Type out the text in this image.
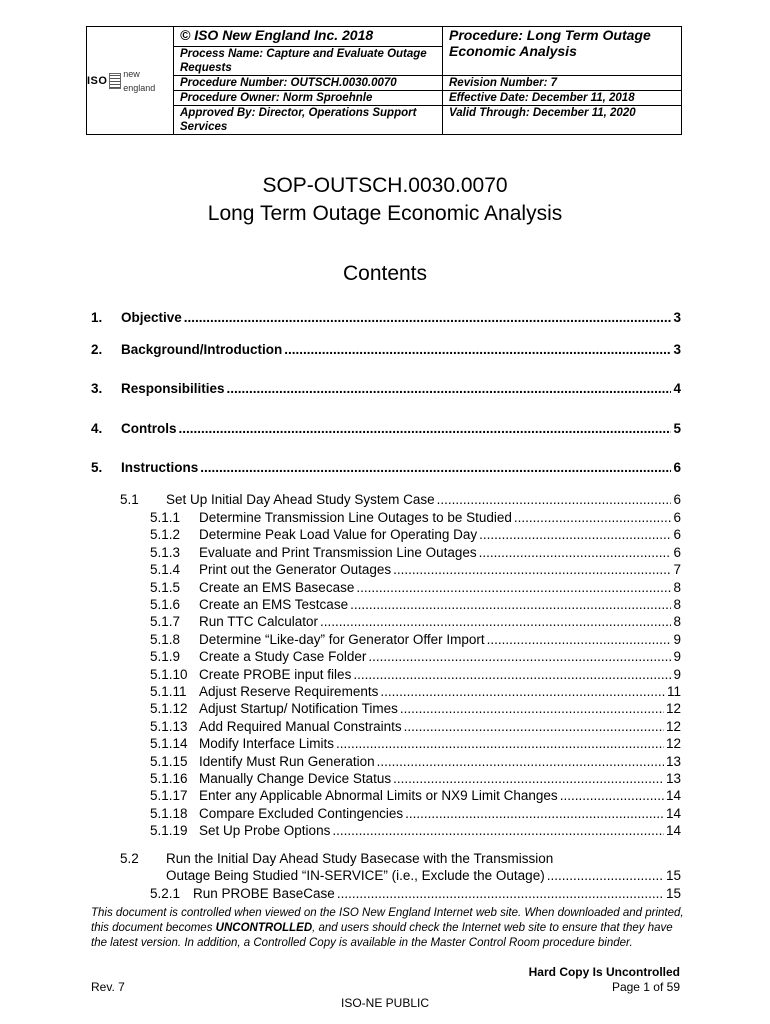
ISO
new england	© ISO New England Inc. 2018	Procedure: Long Term Outage Economic Analysis
	Process Name: Capture and Evaluate Outage Requests	
	Procedure Number: OUTSCH.0030.0070	Revision Number: 7
	Procedure Owner: Norm Sproehnle	Effective Date: December 11, 2018
	Approved By: Director, Operations Support Services	Valid Through: December 11, 2020
SOP-OUTSCH.0030.0070
Long Term Outage Economic Analysis
Contents
1.	Objective .....	3
2.	Background/Introduction .....	3
3.	Responsibilities .....	4
4.	Controls .....	5
5.	Instructions .....	6
5.1	Set Up Initial Day Ahead Study System Case .....	6
5.1.1	Determine Transmission Line Outages to be Studied .....	6
5.1.2	Determine Peak Load Value for Operating Day .....	6
5.1.3	Evaluate and Print Transmission Line Outages .....	6
5.1.4	Print out the Generator Outages .....	7
5.1.5	Create an EMS Basecase .....	8
5.1.6	Create an EMS Testcase .....	8
5.1.7	Run TTC Calculator .....	8
5.1.8	Determine “Like-day” for Generator Offer Import .....	9
5.1.9	Create a Study Case Folder .....	9
5.1.10 Create PROBE input files .....	9
5.1.11 Adjust Reserve Requirements .....	11
5.1.12 Adjust Startup/ Notification Times .....	12
5.1.13 Add Required Manual Constraints .....	12
5.1.14 Modify Interface Limits .....	12
5.1.15 Identify Must Run Generation .....	13
5.1.16 Manually Change Device Status .....	13
5.1.17 Enter any Applicable Abnormal Limits or NX9 Limit Changes .....	14
5.1.18 Compare Excluded Contingencies .....	14
5.1.19 Set Up Probe Options .....	14
5.2	Run the Initial Day Ahead Study Basecase with the Transmission
Outage Being Studied “IN-SERVICE” (i.e., Exclude the Outage) .....	15
5.2.1 Run PROBE BaseCase .....	15
This document is controlled when viewed on the ISO New England Internet web site. When downloaded and printed, this document becomes UNCONTROLLED, and users should check the Internet web site to ensure that they have the latest version. In addition, a Controlled Copy is available in the Master Control Room procedure binder.
Hard Copy Is Uncontrolled
Rev. 7	Page 1 of 59
ISO-NE PUBLIC
